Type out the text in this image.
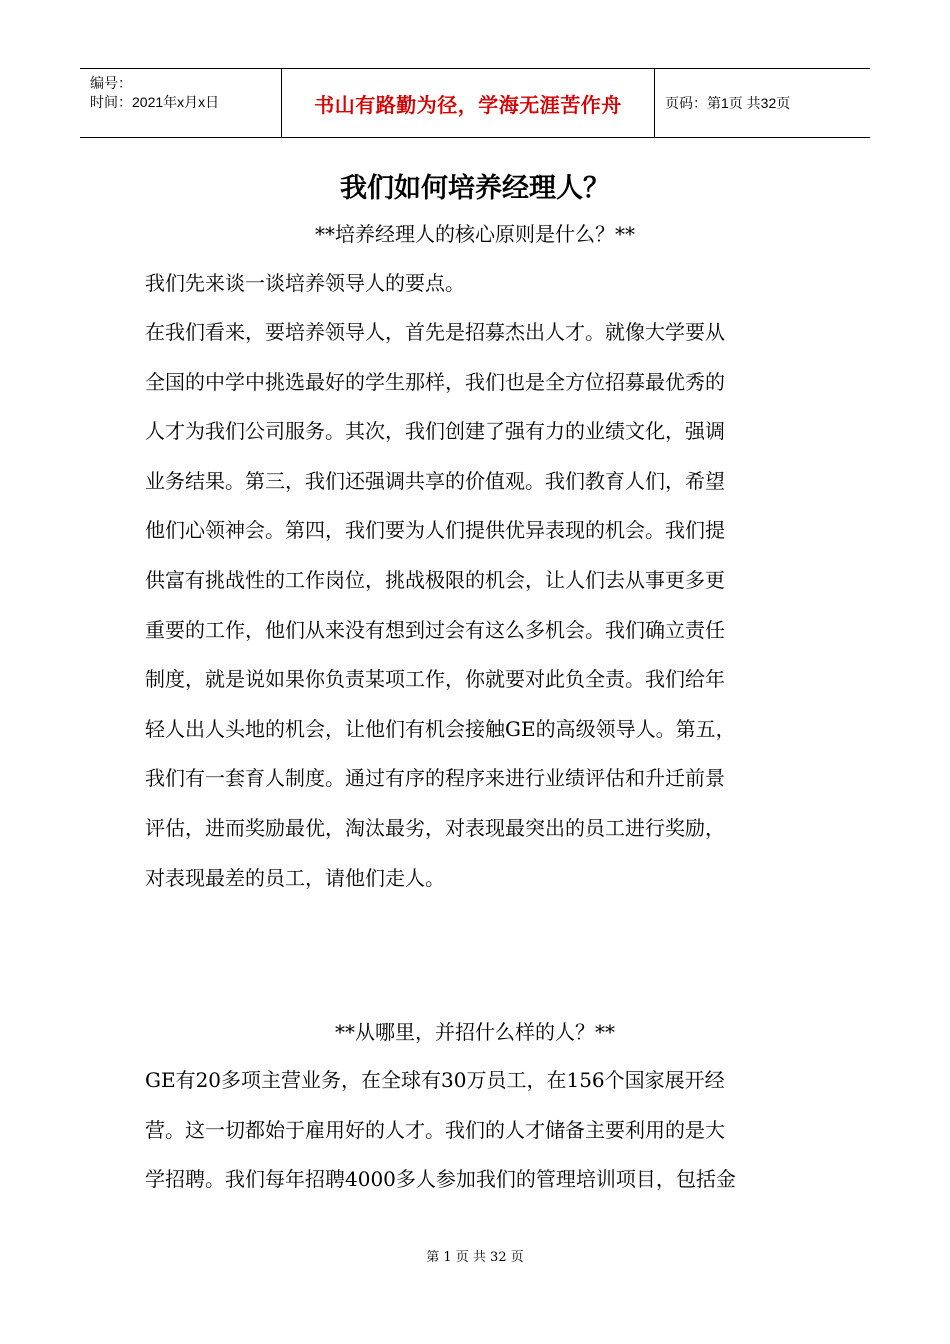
编号：
时间：2021年x月x日	书山有路勤为径，学海无涯苦作舟	页码：第1页 共32页
我们如何培养经理人？
**培养经理人的核心原则是什么？**
我们先来谈一谈培养领导人的要点。
在我们看来，要培养领导人，首先是招募杰出人才。就像大学要从
全国的中学中挑选最好的学生那样，我们也是全方位招募最优秀的
人才为我们公司服务。其次，我们创建了强有力的业绩文化，强调
业务结果。第三，我们还强调共享的价值观。我们教育人们，希望
他们心领神会。第四，我们要为人们提供优异表现的机会。我们提
供富有挑战性的工作岗位，挑战极限的机会，让人们去从事更多更
重要的工作，他们从来没有想到过会有这么多机会。我们确立责任
制度，就是说如果你负责某项工作，你就要对此负全责。我们给年
轻人出人头地的机会，让他们有机会接触GE的高级领导人。第五，
我们有一套育人制度。通过有序的程序来进行业绩评估和升迁前景
评估，进而奖励最优，淘汰最劣，对表现最突出的员工进行奖励，
对表现最差的员工，请他们走人。
**从哪里，并招什么样的人？**
GE有20多项主营业务，在全球有30万员工，在156个国家展开经
营。这一切都始于雇用好的人才。我们的人才储备主要利用的是大
学招聘。我们每年招聘4000多人参加我们的管理培训项目，包括金
第 1 页 共 32 页
